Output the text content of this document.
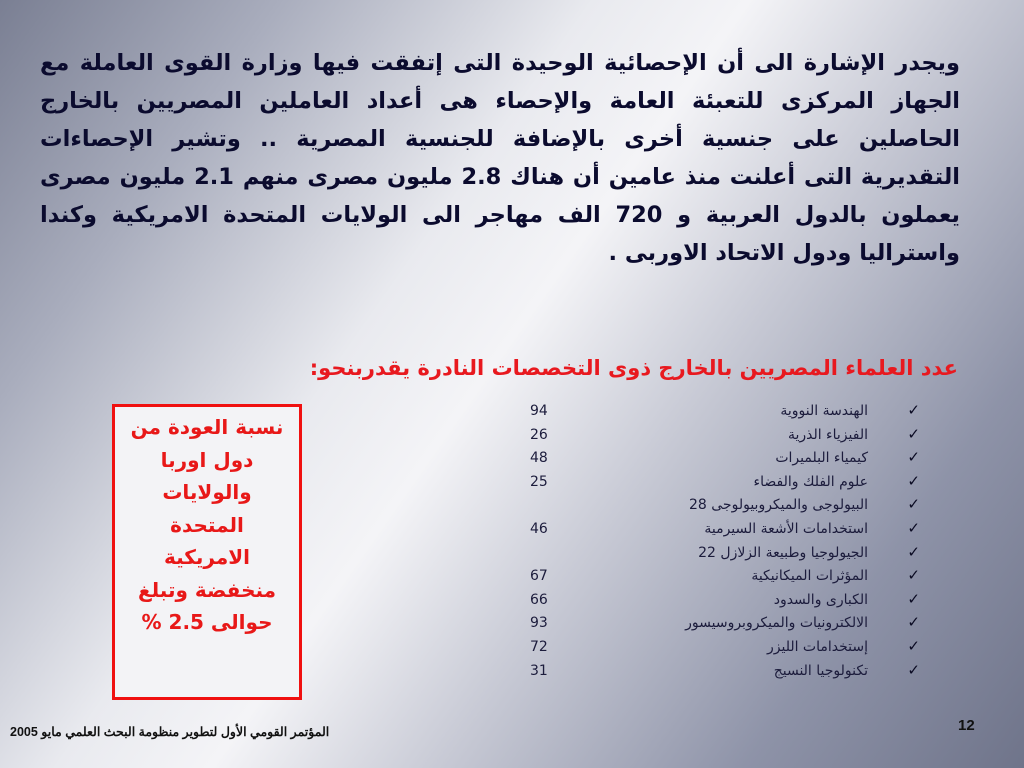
ويجدر الإشارة الى أن الإحصائية الوحيدة التى إتفقت فيها وزارة القوى العاملة مع الجهاز المركزى للتعبئة العامة والإحصاء هى أعداد العاملين المصريين بالخارج الحاصلين على جنسية أخرى بالإضافة للجنسية المصرية .. وتشير الإحصاءات التقديرية التى أعلنت منذ عامين أن هناك 2.8 مليون مصرى منهم 2.1 مليون مصرى يعملون بالدول العربية و 720 الف مهاجر الى الولايات المتحدة الامريكية وكندا واستراليا ودول الاتحاد الاوربى .
عدد العلماء المصريين بالخارج ذوى التخصصات النادرة يقدربنحو:
✓
الهندسة النووية
94
✓
الفيزياء الذرية
26
✓
كيمياء البلميرات
48
✓
علوم الفلك والفضاء
25
✓
البيولوجى والميكروبيولوجى 28
✓
استخدامات الأشعة السيرمية
46
✓
الجيولوجيا وطبيعة الزلازل 22
✓
المؤثرات الميكانيكية
67
✓
الكبارى والسدود
66
✓
الالكترونيات والميكروبروسيسور
93
✓
إستخدامات الليزر
72
✓
تكنولوجيا النسيج
31
نسبة العودة من
دول اوربا
والولايات
المتحدة
الامريكية
منخفضة وتبلغ
حوالى 2.5 %
12
المؤتمر القومي الأول لتطوير منظومة البحث العلمي مايو 2005
